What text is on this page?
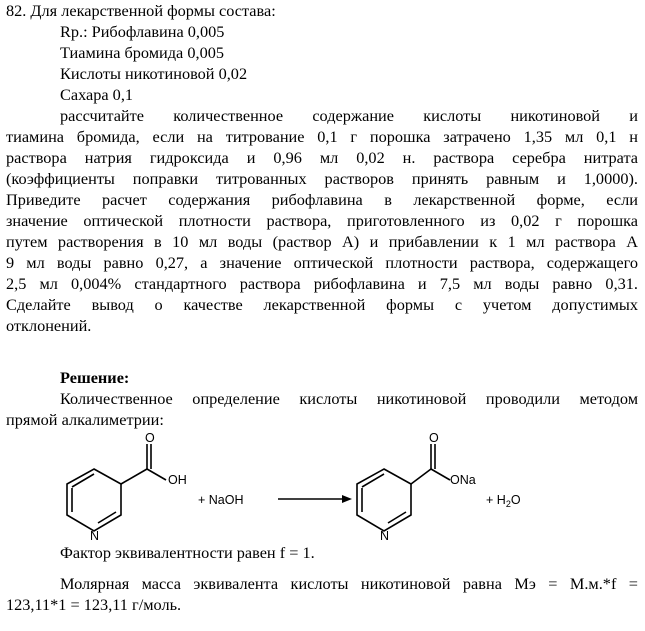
82. Для лекарственной формы состава:
Rp.: Рибофлавина 0,005
Тиамина бромида 0,005
Кислоты никотиновой 0,02
Сахара 0,1
рассчитайте количественное содержание кислоты никотиновой и
тиамина бромида, если на титрование 0,1 г порошка затрачено 1,35 мл 0,1 н
раствора натрия гидроксида и 0,96 мл 0,02 н. раствора серебра нитрата
(коэффициенты поправки титрованных растворов принять равным и 1,0000).
Приведите расчет содержания рибофлавина в лекарственной форме, если
значение оптической плотности раствора, приготовленного из 0,02 г порошка
путем растворения в 10 мл воды (раствор А) и прибавлении к 1 мл раствора А
9 мл воды равно 0,27, а значение оптической плотности раствора, содержащего
2,5 мл 0,004% стандартного раствора рибофлавина и 7,5 мл воды равно 0,31.
Сделайте вывод о качестве лекарственной формы с учетом допустимых
отклонений.
Решение:
Количественное определение кислоты никотиновой проводили методом
прямой алкалиметрии:
O
OH
N
+ NaOH
O
ONa
N
+ $H_2O$
Фактор эквивалентности равен f = 1.
Молярная масса эквивалента кислоты никотиновой равна Мэ = М.м.*f =
123,11*1 = 123,11 г/моль.
